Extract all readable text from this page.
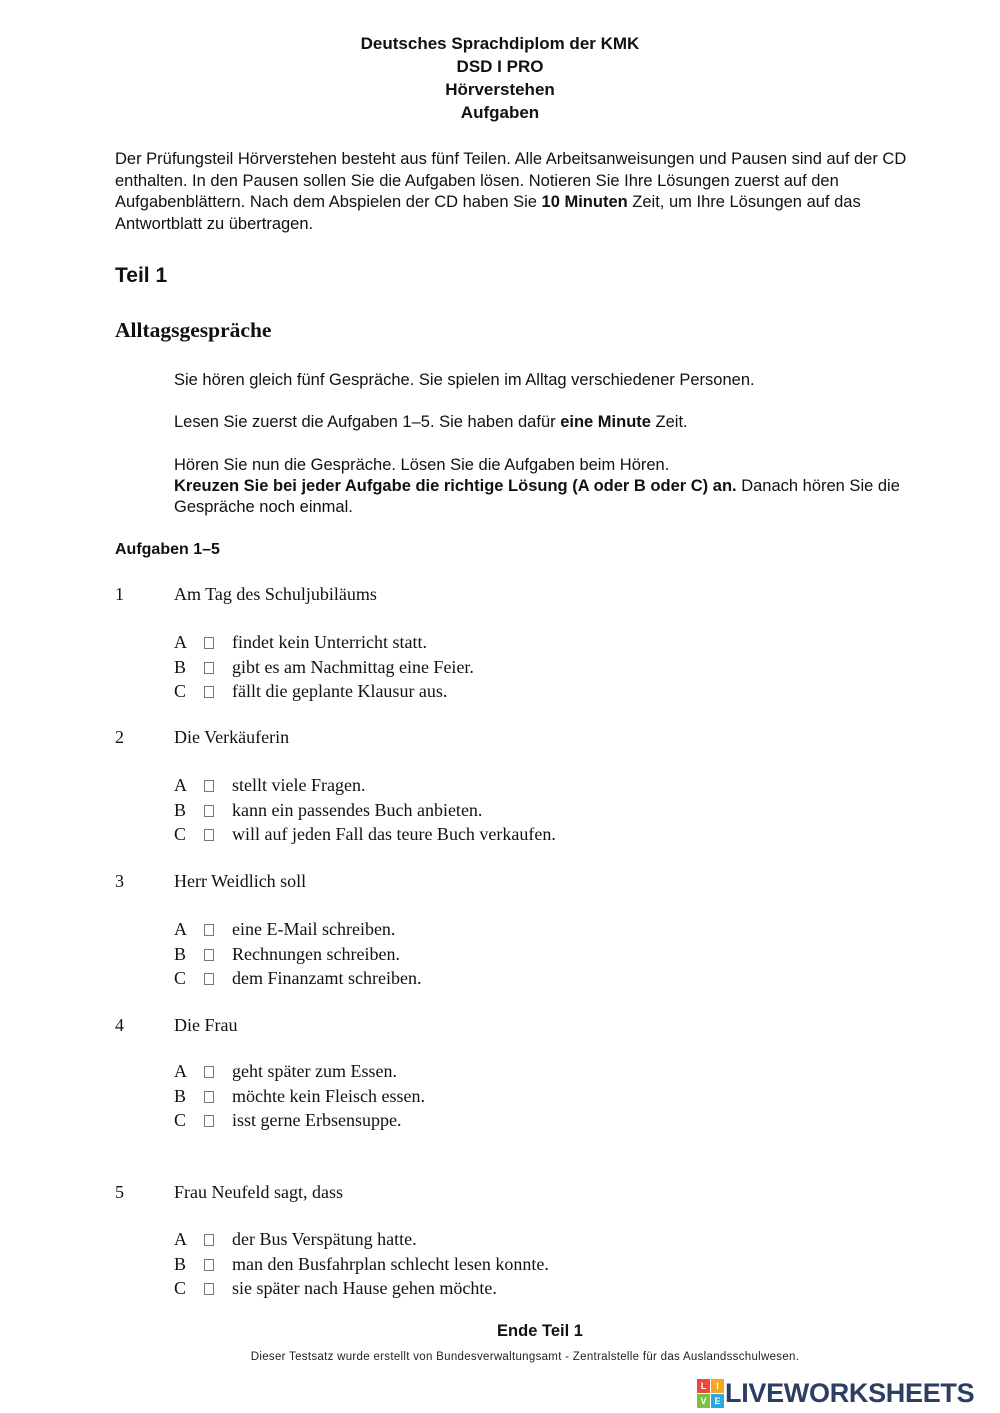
Deutsches Sprachdiplom der KMK
DSD I PRO
Hörverstehen
Aufgaben

Der Prüfungsteil Hörverstehen besteht aus fünf Teilen. Alle Arbeitsanweisungen und Pausen sind auf der CD enthalten. In den Pausen sollen Sie die Aufgaben lösen. Notieren Sie Ihre Lösungen zuerst auf den Aufgabenblättern. Nach dem Abspielen der CD haben Sie 10 Minuten Zeit, um Ihre Lösungen auf das Antwortblatt zu übertragen.

Teil 1
Alltagsgespräche

Sie hören gleich fünf Gespräche. Sie spielen im Alltag verschiedener Personen.

Lesen Sie zuerst die Aufgaben 1–5. Sie haben dafür eine Minute Zeit.

Hören Sie nun die Gespräche. Lösen Sie die Aufgaben beim Hören.
Kreuzen Sie bei jeder Aufgabe die richtige Lösung (A oder B oder C) an. Danach hören Sie die Gespräche noch einmal.

Aufgaben 1–5
1	Am Tag des Schuljubiläums
A	findet kein Unterricht statt.
B	gibt es am Nachmittag eine Feier.
C	fällt die geplante Klausur aus.
2	Die Verkäuferin
A	stellt viele Fragen.
B	kann ein passendes Buch anbieten.
C	will auf jeden Fall das teure Buch verkaufen.
3	Herr Weidlich soll
A	eine E-Mail schreiben.
B	Rechnungen schreiben.
C	dem Finanzamt schreiben.
4	Die Frau
A	geht später zum Essen.
B	möchte kein Fleisch essen.
C	isst gerne Erbsensuppe.
5	Frau Neufeld sagt, dass
A	der Bus Verspätung hatte.
B	man den Busfahrplan schlecht lesen konnte.
C	sie später nach Hause gehen möchte.
Ende Teil 1
Dieser Testsatz wurde erstellt von Bundesverwaltungsamt - Zentralstelle für das Auslandsschulwesen.
L	I
V E LIVEWORKSHEETS
